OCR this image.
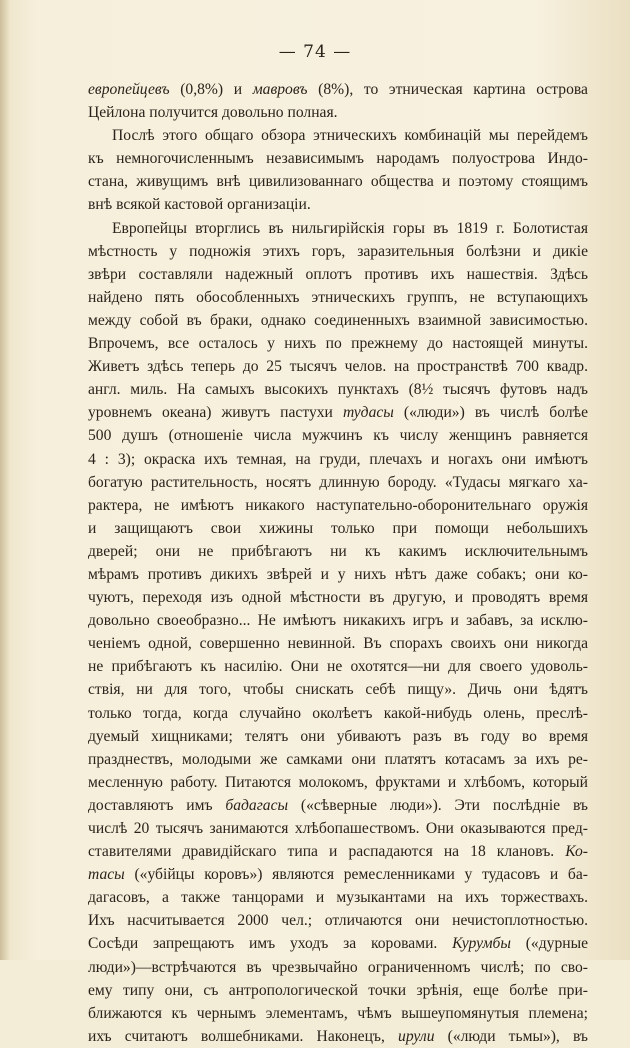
— 74 —
европейцевъ (0,8%) и мавровъ (8%), то этническая картина острова
Цейлона получится довольно полная.
Послѣ этого общаго обзора этническихъ комбинацій мы перейдемъ
къ немногочисленнымъ независимымъ народамъ полуострова Индо-
стана, живущимъ внѣ цивилизованнаго общества и поэтому стоящимъ
внѣ всякой кастовой организаціи.
Европейцы вторглись въ нильгирійскія горы въ 1819 г. Болотистая
мѣстность у подножія этихъ горъ, заразительныя болѣзни и дикіе
звѣри составляли надежный оплотъ противъ ихъ нашествія. Здѣсь
найдено пять обособленныхъ этническихъ группъ, не вступающихъ
между собой въ браки, однако соединенныхъ взаимной зависимостью.
Впрочемъ, все осталось у нихъ по прежнему до настоящей минуты.
Живетъ здѣсь теперь до 25 тысячъ челов. на пространствѣ 700 квадр.
англ. миль. На самыхъ высокихъ пунктахъ (8½ тысячъ футовъ надъ
уровнемъ океана) живутъ пастухи тудасы («люди») въ числѣ болѣе
500 душъ (отношеніе числа мужчинъ къ числу женщинъ равняется
4 : 3); окраска ихъ темная, на груди, плечахъ и ногахъ они имѣютъ
богатую растительность, носятъ длинную бороду. «Тудасы мягкаго ха-
рактера, не имѣютъ никакого наступательно-оборонительнаго оружія
и защищаютъ свои хижины только при помощи небольшихъ
дверей; они не прибѣгаютъ ни къ какимъ исключительнымъ
мѣрамъ противъ дикихъ звѣрей и у нихъ нѣтъ даже собакъ; они ко-
чуютъ, переходя изъ одной мѣстности въ другую, и проводятъ время
довольно своеобразно... Не имѣютъ никакихъ игръ и забавъ, за исклю-
ченіемъ одной, совершенно невинной. Въ спорахъ своихъ они никогда
не прибѣгаютъ къ насилію. Они не охотятся—ни для своего удоволь-
ствія, ни для того, чтобы снискать себѣ пищу». Дичь они ѣдятъ
только тогда, когда случайно околѣетъ какой-нибудь олень, преслѣ-
дуемый хищниками; телятъ они убиваютъ разъ въ году во время
празднествъ, молодыми же самками они платятъ котасамъ за ихъ ре-
месленную работу. Питаются молокомъ, фруктами и хлѣбомъ, который
доставляютъ имъ бадагасы («сѣверные люди»). Эти послѣдніе въ
числѣ 20 тысячъ занимаются хлѣбопашествомъ. Они оказываются пред-
ставителями дравидійскаго типа и распадаются на 18 клановъ. Ко-
тасы («убійцы коровъ») являются ремесленниками у тудасовъ и ба-
дагасовъ, а также танцорами и музыкантами на ихъ торжествахъ.
Ихъ насчитывается 2000 чел.; отличаются они нечистоплотностью.
Сосѣди запрещаютъ имъ уходъ за коровами. Курумбы («дурные
люди»)—встрѣчаются въ чрезвычайно ограниченномъ числѣ; по сво-
ему типу они, съ антропологической точки зрѣнія, еще болѣе при-
ближаются къ чернымъ элементамъ, чѣмъ вышеупомянутыя племена;
ихъ считаютъ волшебниками. Наконецъ, ирули («люди тьмы»), въ
